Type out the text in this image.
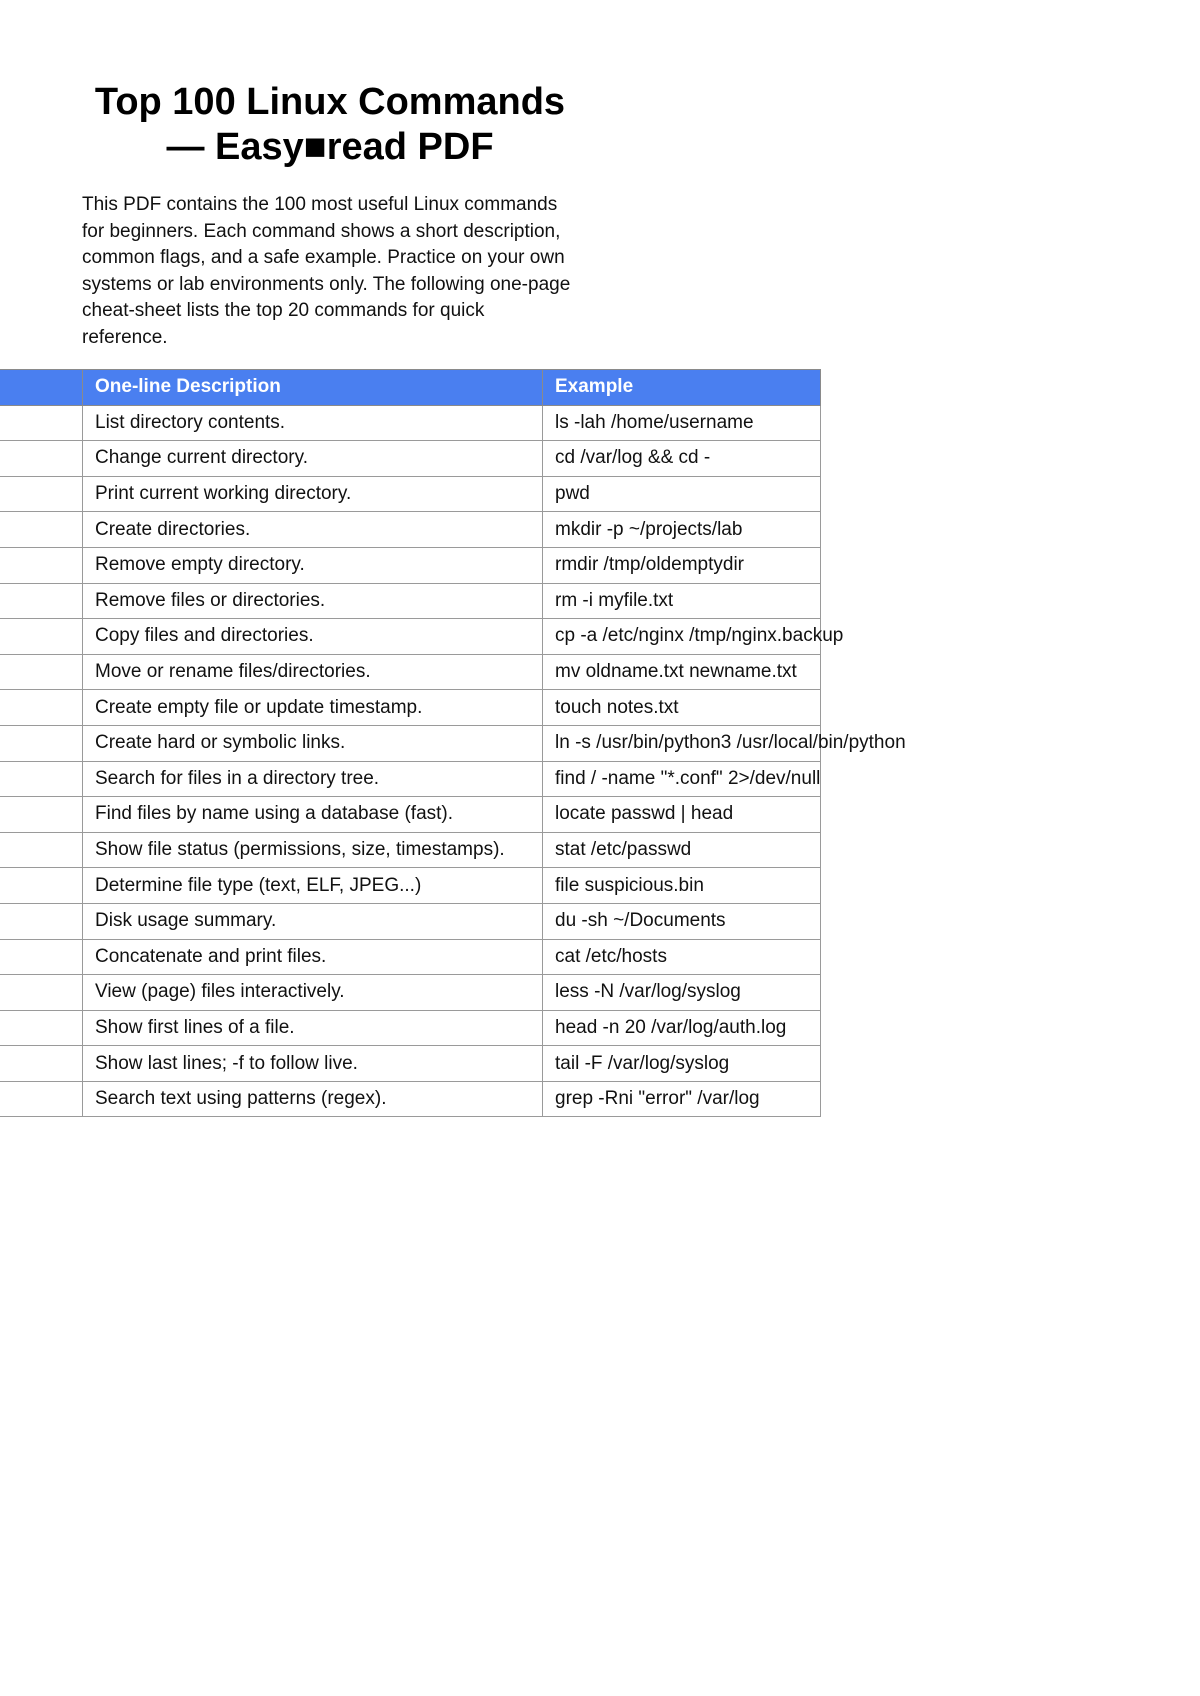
Top 100 Linux Commands
— Easy■read PDF

This PDF contains the 100 most useful Linux commands for beginners. Each command shows a short description, common flags, and a safe example. Practice on your own systems or lab environments only. The following one-page cheat-sheet lists the top 20 commands for quick reference.

	One-line Description	Example
	List directory contents.	ls -lah /home/username
	Change current directory.	cd /var/log && cd -
	Print current working directory.	pwd
	Create directories.	mkdir -p ~/projects/lab
	Remove empty directory.	rmdir /tmp/oldemptydir
	Remove files or directories.	rm -i myfile.txt
	Copy files and directories.	cp -a /etc/nginx /tmp/nginx.backup
	Move or rename files/directories.	mv oldname.txt newname.txt
	Create empty file or update timestamp.	touch notes.txt
	Create hard or symbolic links.	ln -s /usr/bin/python3 /usr/local/bin/python
	Search for files in a directory tree.	find / -name "*.conf" 2>/dev/null
	Find files by name using a database (fast).	locate passwd | head
	Show file status (permissions, size, timestamps).	stat /etc/passwd
	Determine file type (text, ELF, JPEG...)	file suspicious.bin
	Disk usage summary.	du -sh ~/Documents
	Concatenate and print files.	cat /etc/hosts
	View (page) files interactively.	less -N /var/log/syslog
	Show first lines of a file.	head -n 20 /var/log/auth.log
	Show last lines; -f to follow live.	tail -F /var/log/syslog
	Search text using patterns (regex).	grep -Rni "error" /var/log
